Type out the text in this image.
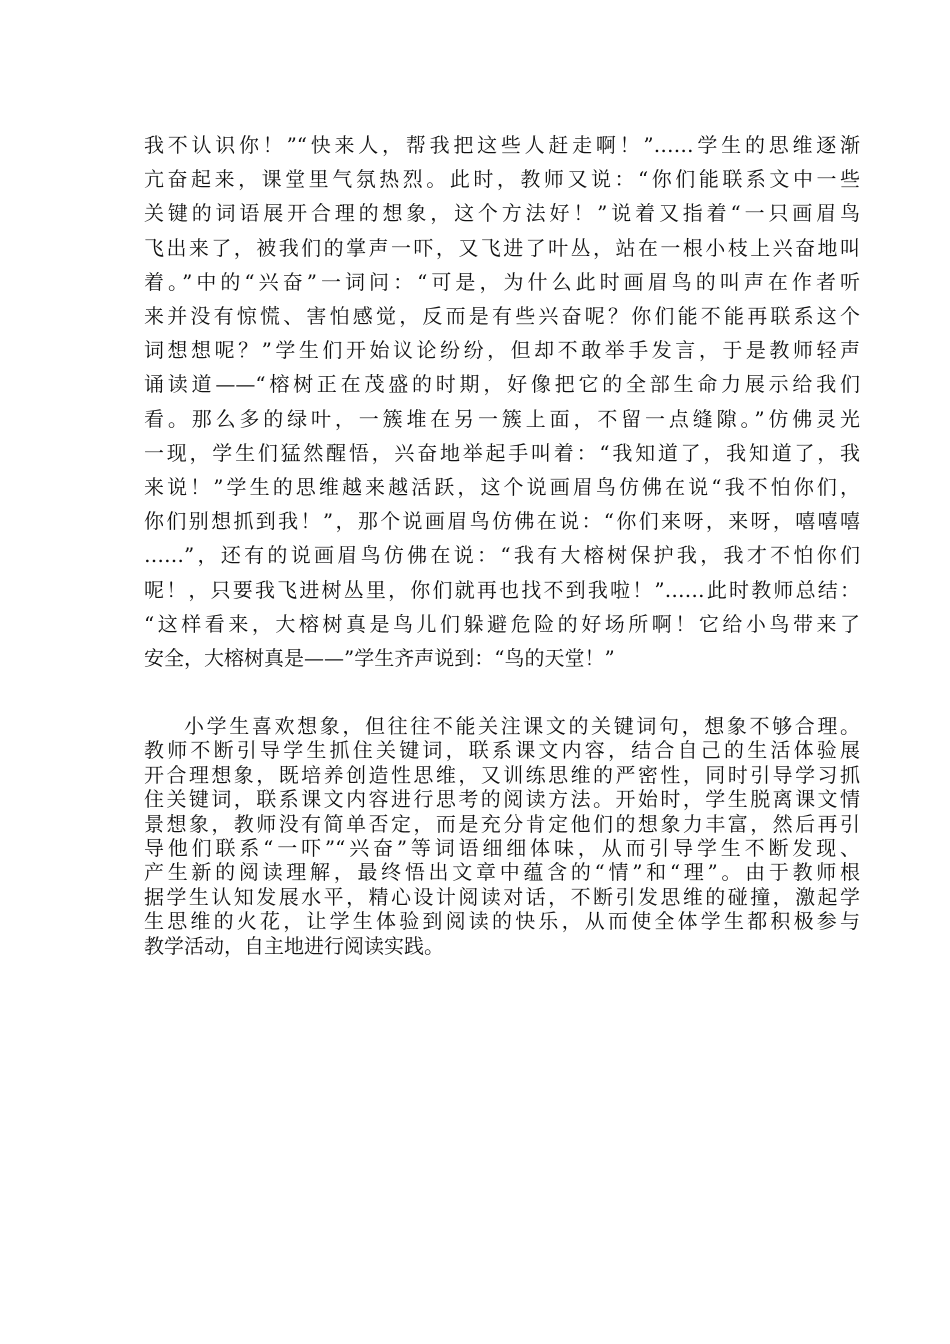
我不认识你！”“快来人，帮我把这些人赶走啊！”……学生的思维逐渐
亢奋起来，课堂里气氛热烈。此时，教师又说：“你们能联系文中一些
关键的词语展开合理的想象，这个方法好！”说着又指着“一只画眉鸟
飞出来了，被我们的掌声一吓，又飞进了叶丛，站在一根小枝上兴奋地叫
着。”中的“兴奋”一词问：“可是，为什么此时画眉鸟的叫声在作者听
来并没有惊慌、害怕感觉，反而是有些兴奋呢？你们能不能再联系这个
词想想呢？”学生们开始议论纷纷，但却不敢举手发言，于是教师轻声
诵读道——“榕树正在茂盛的时期，好像把它的全部生命力展示给我们
看。那么多的绿叶，一簇堆在另一簇上面，不留一点缝隙。”仿佛灵光
一现，学生们猛然醒悟，兴奋地举起手叫着：“我知道了，我知道了，我
来说！”学生的思维越来越活跃，这个说画眉鸟仿佛在说“我不怕你们，
你们别想抓到我！”，那个说画眉鸟仿佛在说：“你们来呀，来呀，嘻嘻嘻
……”，还有的说画眉鸟仿佛在说：“我有大榕树保护我，我才不怕你们
呢！，只要我飞进树丛里，你们就再也找不到我啦！”……此时教师总结：
“这样看来，大榕树真是鸟儿们躲避危险的好场所啊！它给小鸟带来了
安全，大榕树真是——”学生齐声说到：“鸟的天堂！”
小学生喜欢想象，但往往不能关注课文的关键词句，想象不够合理。
教师不断引导学生抓住关键词，联系课文内容，结合自己的生活体验展
开合理想象，既培养创造性思维，又训练思维的严密性，同时引导学习抓
住关键词，联系课文内容进行思考的阅读方法。开始时，学生脱离课文情
景想象，教师没有简单否定，而是充分肯定他们的想象力丰富，然后再引
导他们联系“一吓”“兴奋”等词语细细体味，从而引导学生不断发现、
产生新的阅读理解，最终悟出文章中蕴含的“情”和“理”。由于教师根
据学生认知发展水平，精心设计阅读对话，不断引发思维的碰撞，激起学
生思维的火花，让学生体验到阅读的快乐，从而使全体学生都积极参与
教学活动，自主地进行阅读实践。
